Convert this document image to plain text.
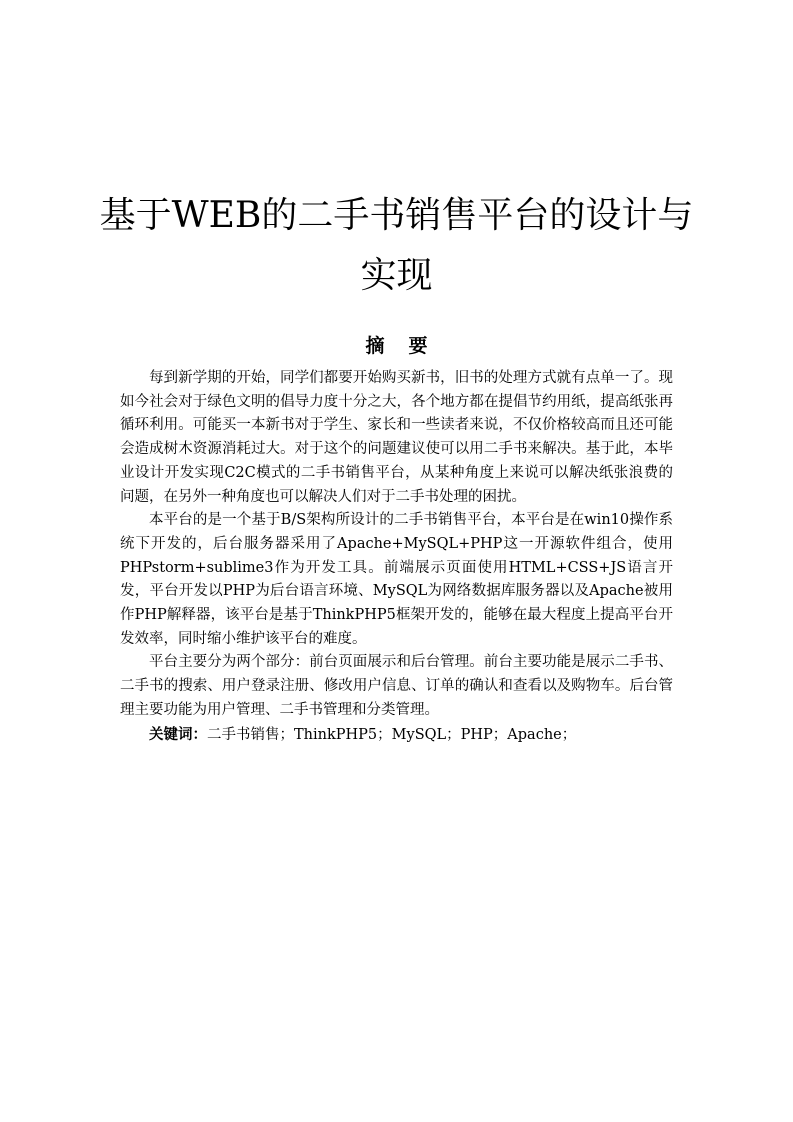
基于WEB的二手书销售平台的设计与实现
摘要

每到新学期的开始，同学们都要开始购买新书，旧书的处理方式就有点单一了。现如今社会对于绿色文明的倡导力度十分之大，各个地方都在提倡节约用纸，提高纸张再循环利用。可能买一本新书对于学生、家长和一些读者来说，不仅价格较高而且还可能会造成树木资源消耗过大。对于这个的问题建议使可以用二手书来解决。基于此，本毕业设计开发实现C2C模式的二手书销售平台，从某种角度上来说可以解决纸张浪费的问题，在另外一种角度也可以解决人们对于二手书处理的困扰。

本平台的是一个基于B/S架构所设计的二手书销售平台，本平台是在win10操作系统下开发的，后台服务器采用了Apache+MySQL+PHP这一开源软件组合，使用PHPstorm+sublime3作为开发工具。前端展示页面使用HTML+CSS+JS语言开发，平台开发以PHP为后台语言环境、MySQL为网络数据库服务器以及Apache被用作PHP解释器，该平台是基于ThinkPHP5框架开发的，能够在最大程度上提高平台开发效率，同时缩小维护该平台的难度。

平台主要分为两个部分：前台页面展示和后台管理。前台主要功能是展示二手书、二手书的搜索、用户登录注册、修改用户信息、订单的确认和查看以及购物车。后台管理主要功能为用户管理、二手书管理和分类管理。

关键词：二手书销售；ThinkPHP5；MySQL；PHP；Apache；
